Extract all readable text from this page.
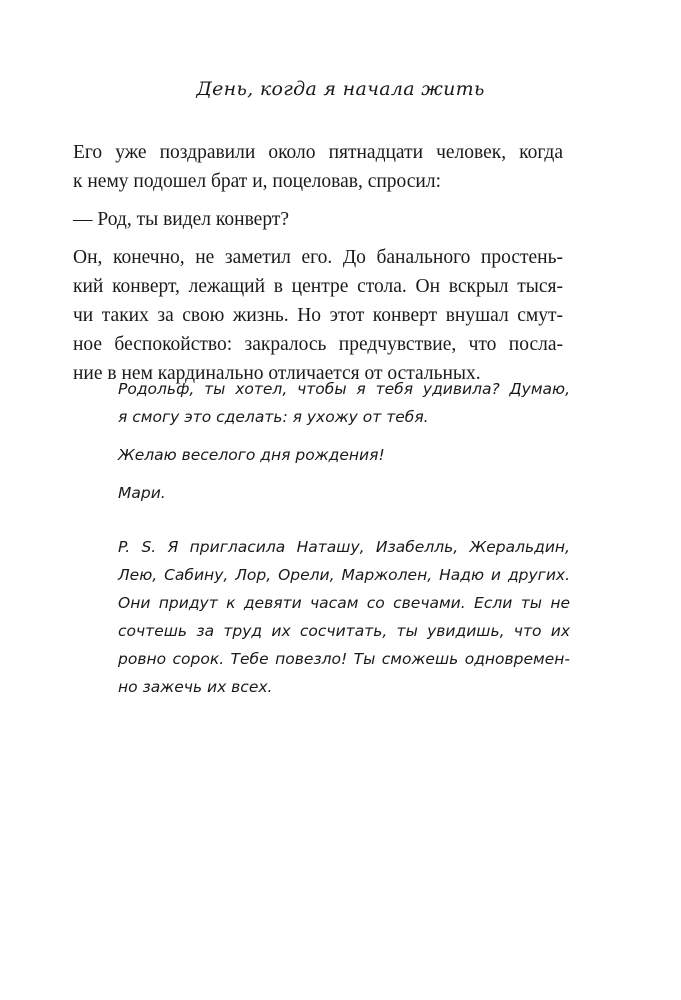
День, когда я начала жить

Его уже поздравили около пятнадцати человек, когда
к нему подошел брат и, поцеловав, спросил:

— Род, ты видел конверт?

Он, конечно, не заметил его. До банального простень-
кий конверт, лежащий в центре стола. Он вскрыл тыся-
чи таких за свою жизнь. Но этот конверт внушал смут-
ное беспокойство: закралось предчувствие, что посла-
ние в нем кардинально отличается от остальных.

Родольф, ты хотел, чтобы я тебя удивила? Думаю,
я смогу это сделать: я ухожу от тебя.

Желаю веселого дня рождения!

Мари.

P. S. Я пригласила Наташу, Изабелль, Жеральдин,
Лею, Сабину, Лор, Орели, Маржолен, Надю и других.
Они придут к девяти часам со свечами. Если ты не
сочтешь за труд их сосчитать, ты увидишь, что их
ровно сорок. Тебе повезло! Ты сможешь одновремен-
но зажечь их всех.
